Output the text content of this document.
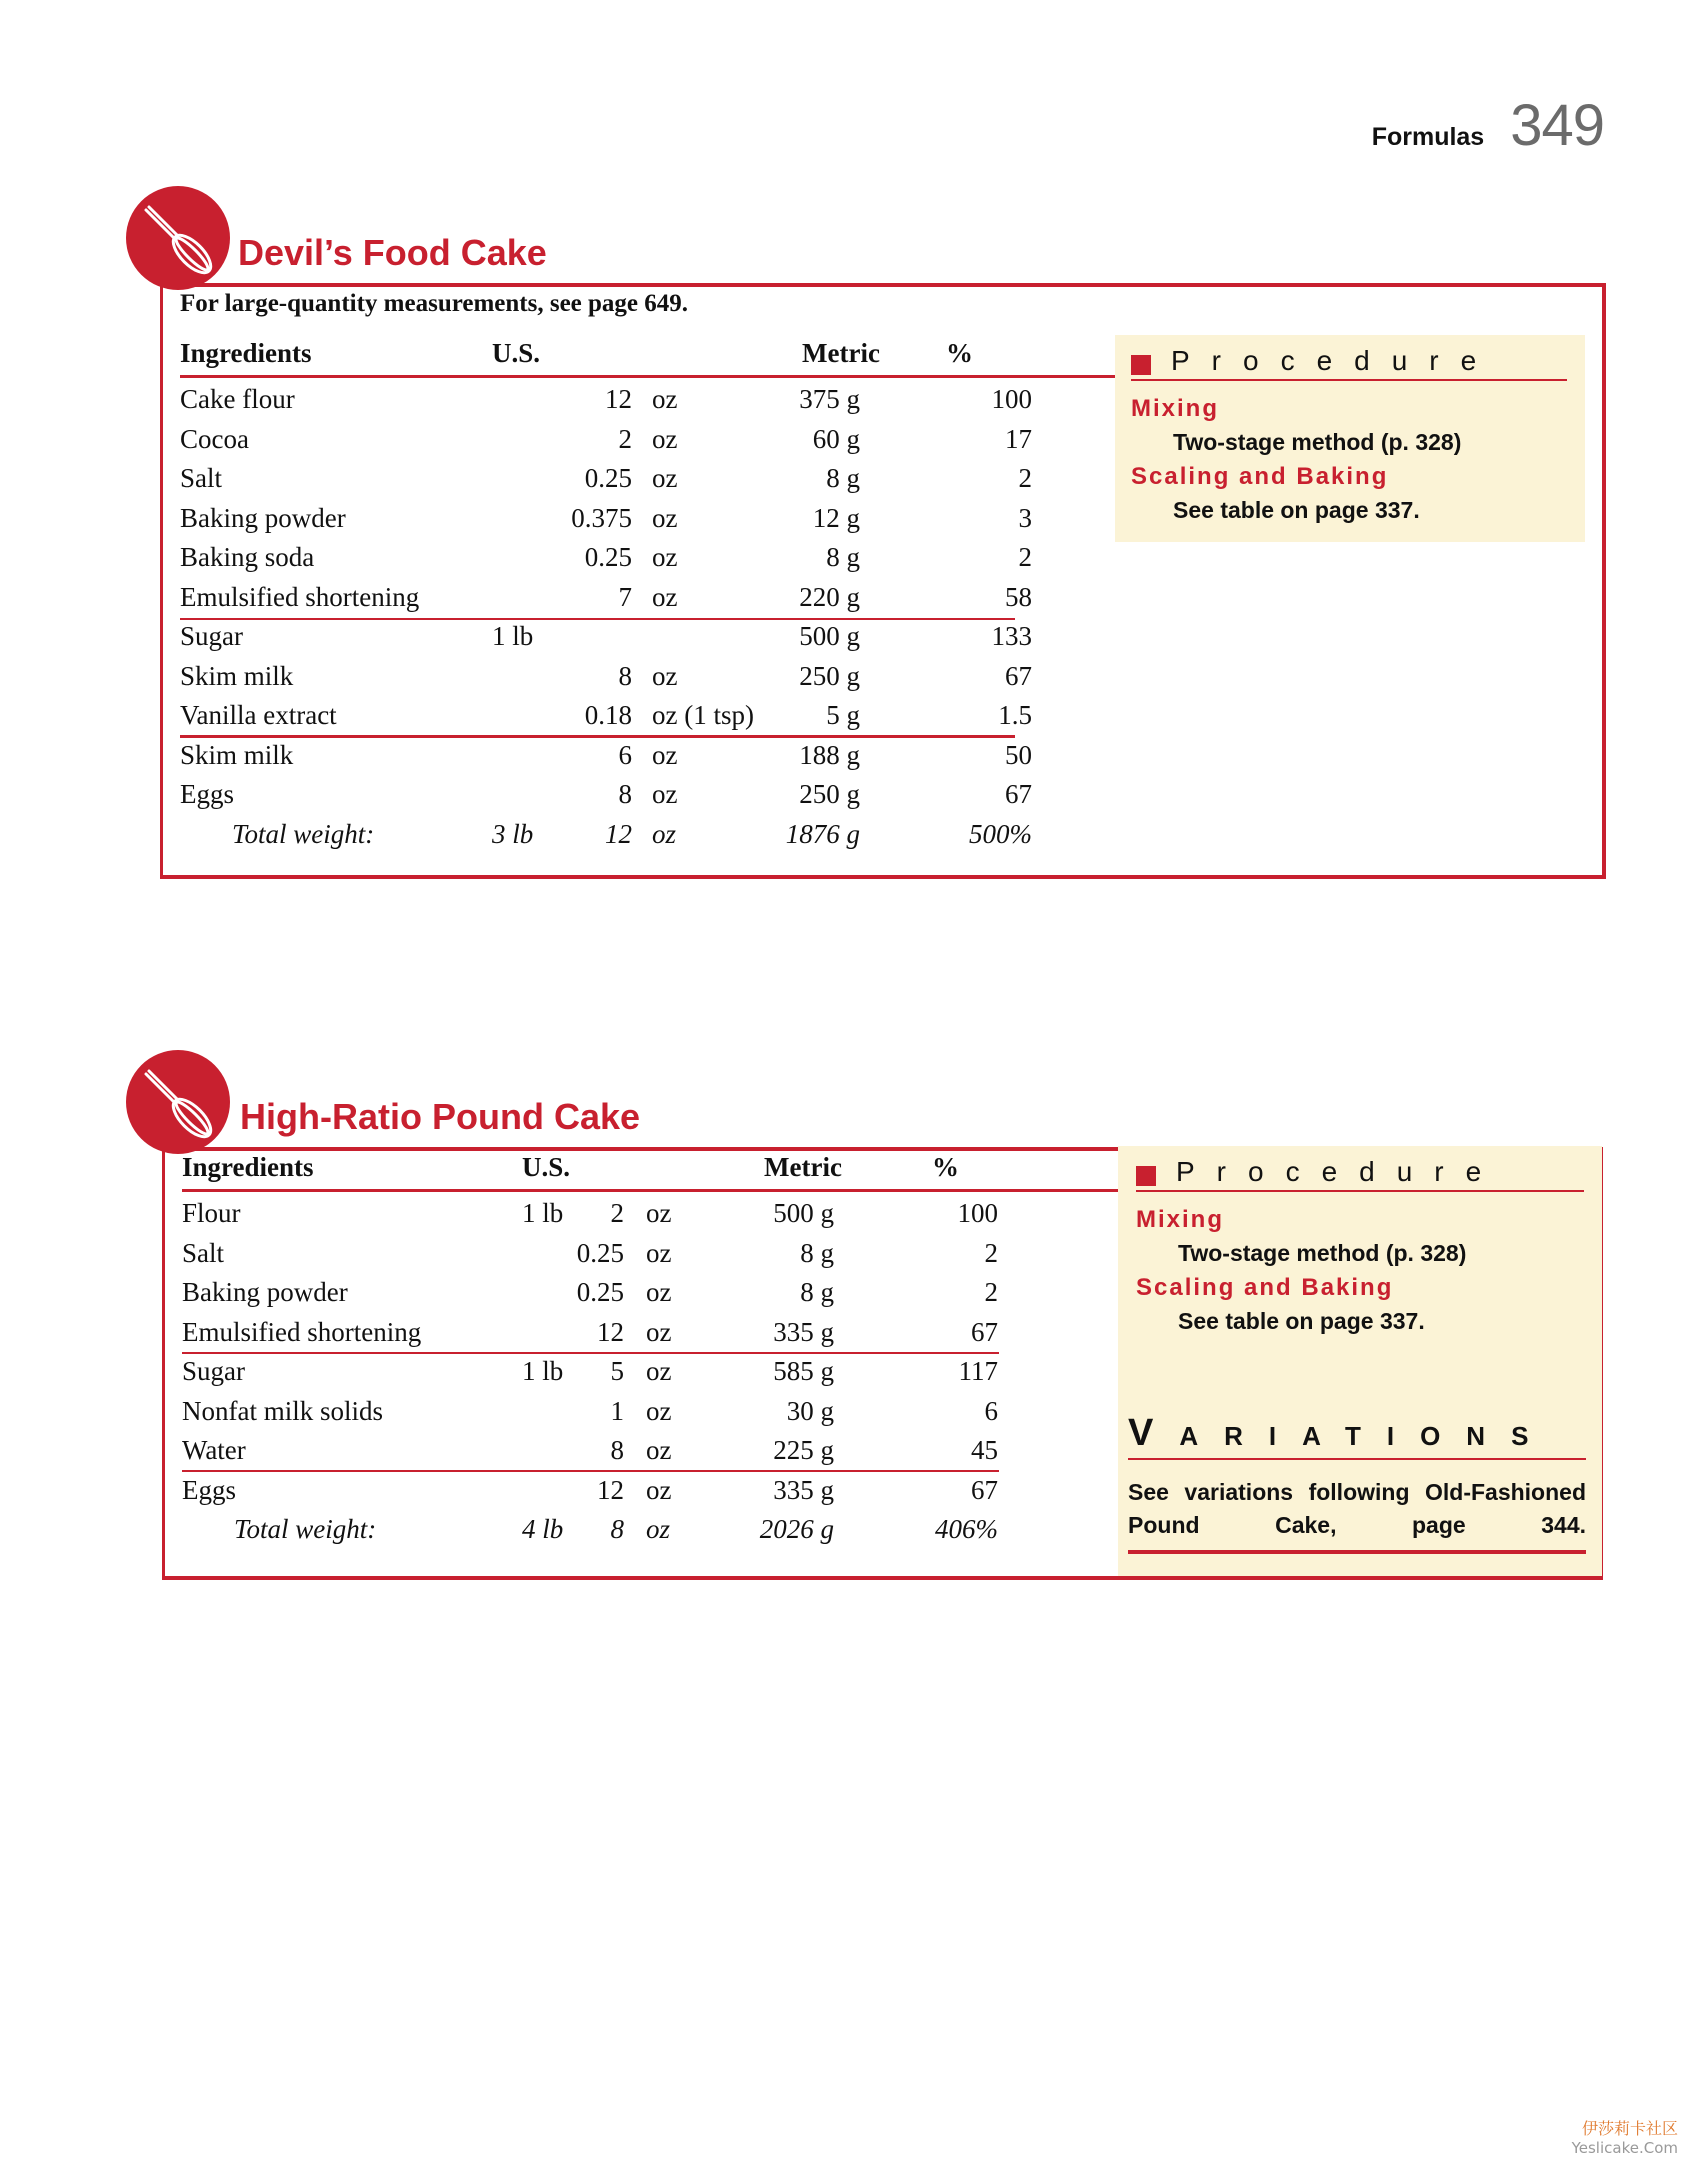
Formulas 349
Devil’s Food Cake
For large-quantity measurements, see page 649.
Ingredients	U.S.	Metric %
Cake flour	12 oz	375 g	100
Cocoa	2 oz	60 g	17
Salt	0.25 oz	8 g	2
Baking powder	0.375 oz	12 g	3
Baking soda	0.25 oz	8 g	2
Emulsified shortening	7 oz	220 g	58
Sugar	1 lb	500 g	133
Skim milk	8 oz	250 g	67
Vanilla extract	0.18 oz (1 tsp)	5 g	1.5
Skim milk	6 oz	188 g	50
Eggs	8 oz	250 g	67
Total weight:	3 lb	12 oz	1876 g	500%
Procedure
Mixing
Two-stage method (p. 328)
Scaling and Baking
See table on page 337.
High-Ratio Pound Cake
Ingredients	U.S.	Metric	%
Flour	1 lb	2 oz	500 g	100
Salt	0.25 oz	8 g	2
Baking powder	0.25 oz	8 g	2
Emulsified shortening	12 oz	335 g	67
Sugar	1 lb	5 oz	585 g	117
Nonfat milk solids	1 oz	30 g	6
Water	8 oz	225 g	45
Eggs	12 oz	335 g	67
Total weight:	4 lb	8 oz	2026 g	406%
Procedure
Mixing
Two-stage method (p. 328)
Scaling and Baking
See table on page 337.
VARIATIONS
See variations following Old-Fashioned Pound Cake, page 344.
伊莎莉卡社区
Yeslicake.Com
